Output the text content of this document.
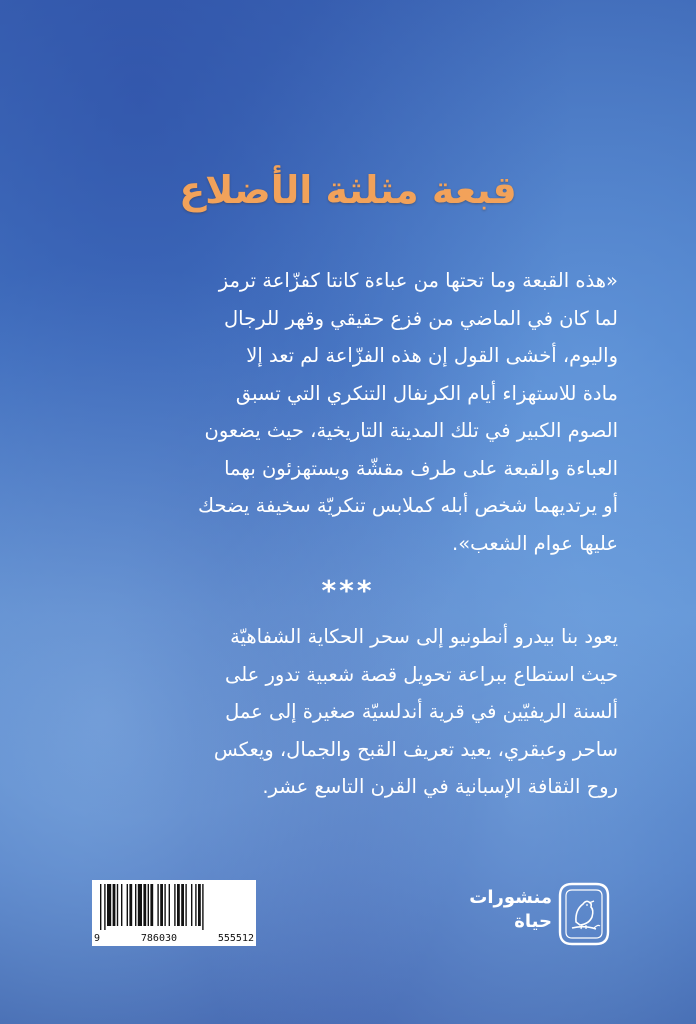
قبعة مثلثة الأضلاع
«هذه القبعة وما تحتها من عباءة كانتا كفزّاعة ترمز
لما كان في الماضي من فزع حقيقي وقهر للرجال
واليوم، أخشى القول إن هذه الفزّاعة لم تعد إلا
مادة للاستهزاء أيام الكرنفال التنكري التي تسبق
الصوم الكبير في تلك المدينة التاريخية، حيث يضعون
العباءة والقبعة على طرف مقشّة ويستهزئون بهما
أو يرتديهما شخص أبله كملابس تنكريّة سخيفة يضحك
عليها عوام الشعب».
***
يعود بنا بيدرو أنطونيو إلى سحر الحكاية الشفاهيّة
حيث استطاع ببراعة تحويل قصة شعبية تدور على
ألسنة الريفيّين في قرية أندلسيّة صغيرة إلى عمل
ساحر وعبقري، يعيد تعريف القبح والجمال، ويعكس
روح الثقافة الإسبانية في القرن التاسع عشر.
9	786030	555512
منشورات
حياة
